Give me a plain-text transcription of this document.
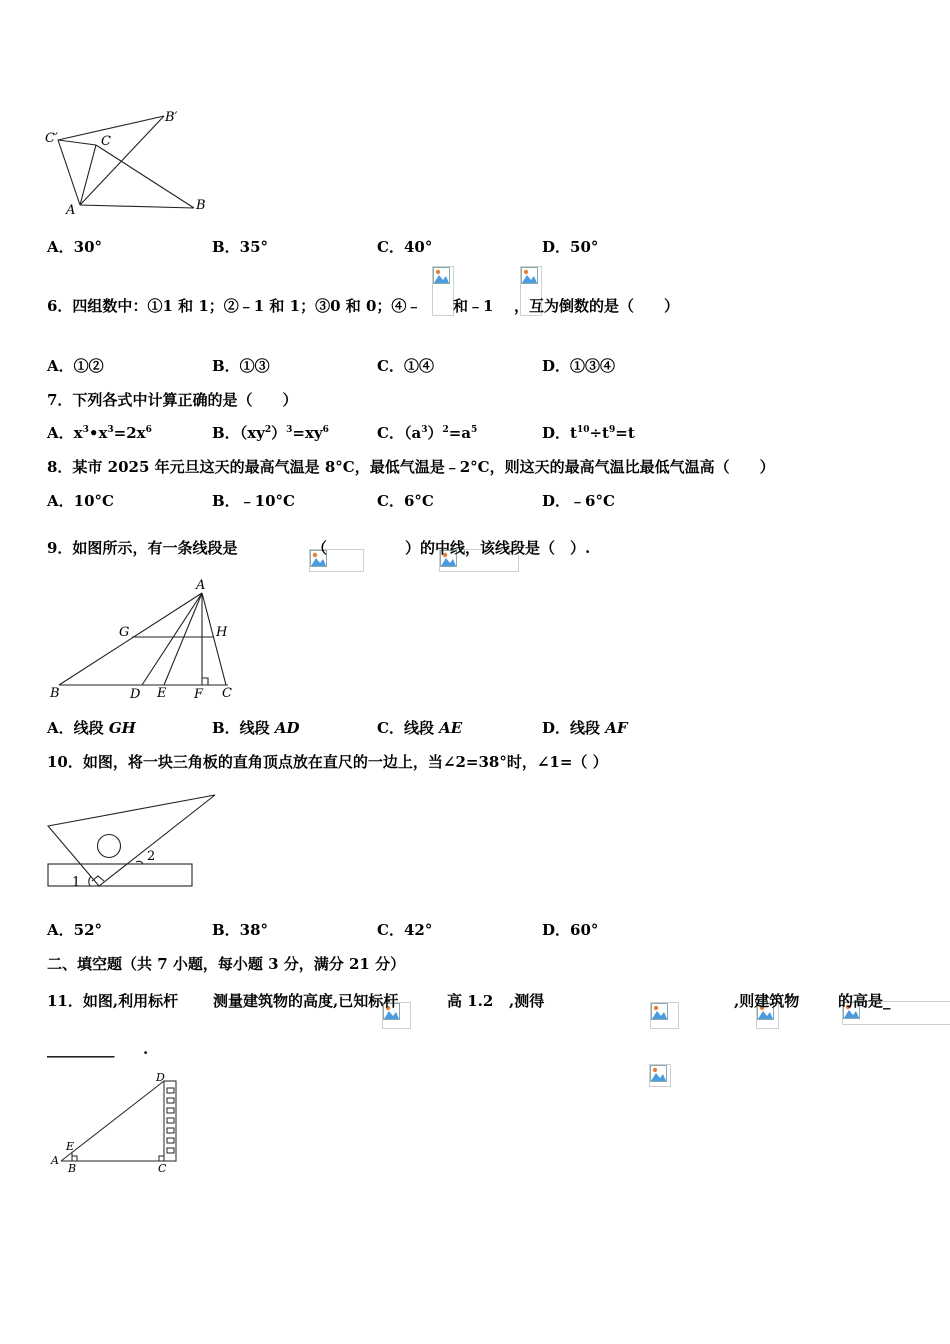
C′	C
B′
A	B
A．30°	B．35°	C．40°	D．50°

6．四组数中：①1 和 1；②﹣1 和 1；③0 和 0；④﹣ 和﹣1 ，互为倒数的是（　　）
A．①②	B．①③	C．①④	D．①③④
7．下列各式中计算正确的是（　　）
A．$x^3•x^3=2x^6$	B．$(xy^2)^3=xy^6$	C．$(a^3)^2=a^5$	D．$t^{10}\div t^9=t$
8．某市 2025 年元旦这天的最高气温是 8°C，最低气温是﹣2°C，则这天的最高气温比最低气温高（　　）
A．10°C	B．﹣10°C	C．6°C	D．﹣6°C
9．如图所示，有一条线段是
	（
	）的中线，该线段是（　）.
A
G	H
B	D E F C
A．线段 GH	B．线段 AD	C．线段 AE	D．线段 AF
10．如图，将一块三角板的直角顶点放在直尺的一边上，当∠2=38°时，∠1=（ ）
1
2
A．52°	B．38°	C．42°	D．60°
二、填空题（共 7 小题，每小题 3 分，满分 21 分）
11．如图,利用标杆
测量建筑物的高度,已知标杆
	高 1.2
,测得
	,则建筑物
	的高是_
_________ .
D
E
A
B	C
